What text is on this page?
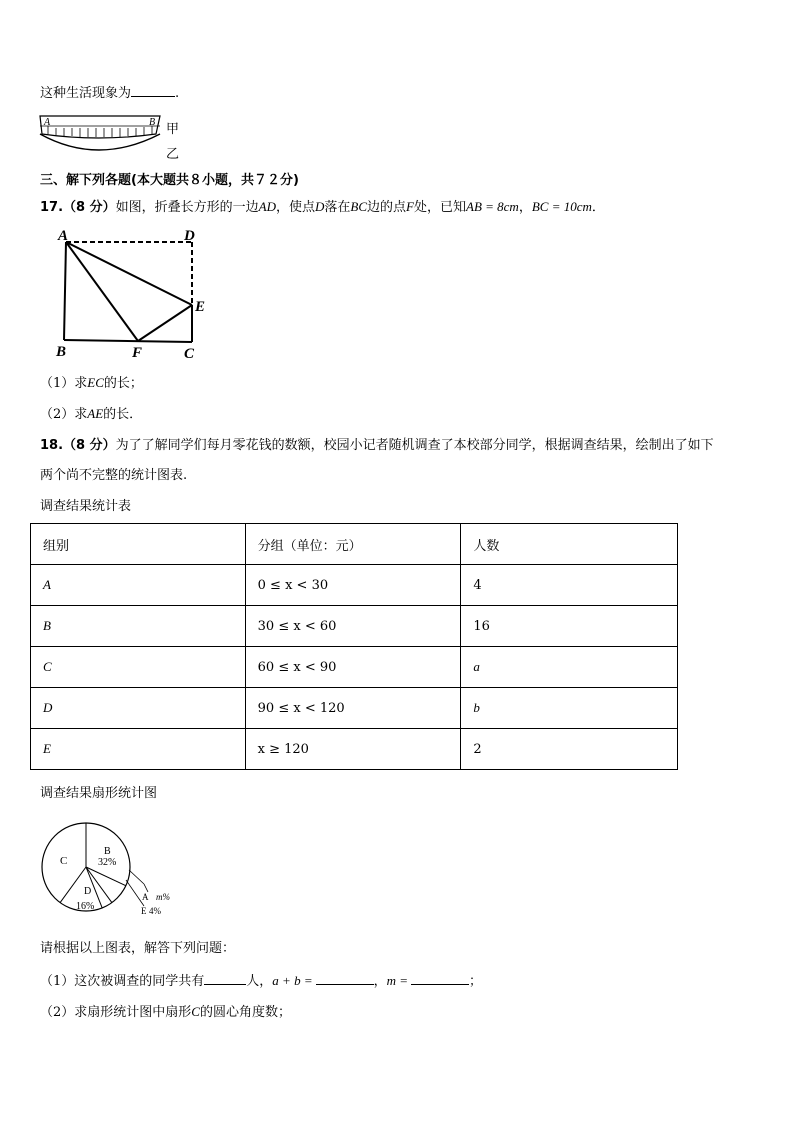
这种生活现象为	.
A	B 甲
乙
三、解下列各题(本大题共８小题，共７２分)
17.（8 分）如图，折叠长方形的一边AD，使点D落在BC边的点F处，已知AB = 8cm，BC = 10cm．
A	D
E
B	F	C
（1）求EC的长；
（2）求AE的长．
18.（8 分）为了了解同学们每月零花钱的数额，校园小记者随机调查了本校部分同学，根据调查结果，绘制出了如下
两个尚不完整的统计图表.
调查结果统计表
组别	分组（单位：元）	人数
A	0 ≤ x < 30	4
B	30 ≤ x < 60	16
C	60 ≤ x < 90	a
D	90 ≤ x < 120	b
E	x ≥ 120	2
调查结果扇形统计图
C
B
32%
D
16%
A m%
E 4%
请根据以上图表，解答下列问题：
（1）这次被调查的同学共有	人，a + b =	，m =	；
（2）求扇形统计图中扇形C的圆心角度数；
